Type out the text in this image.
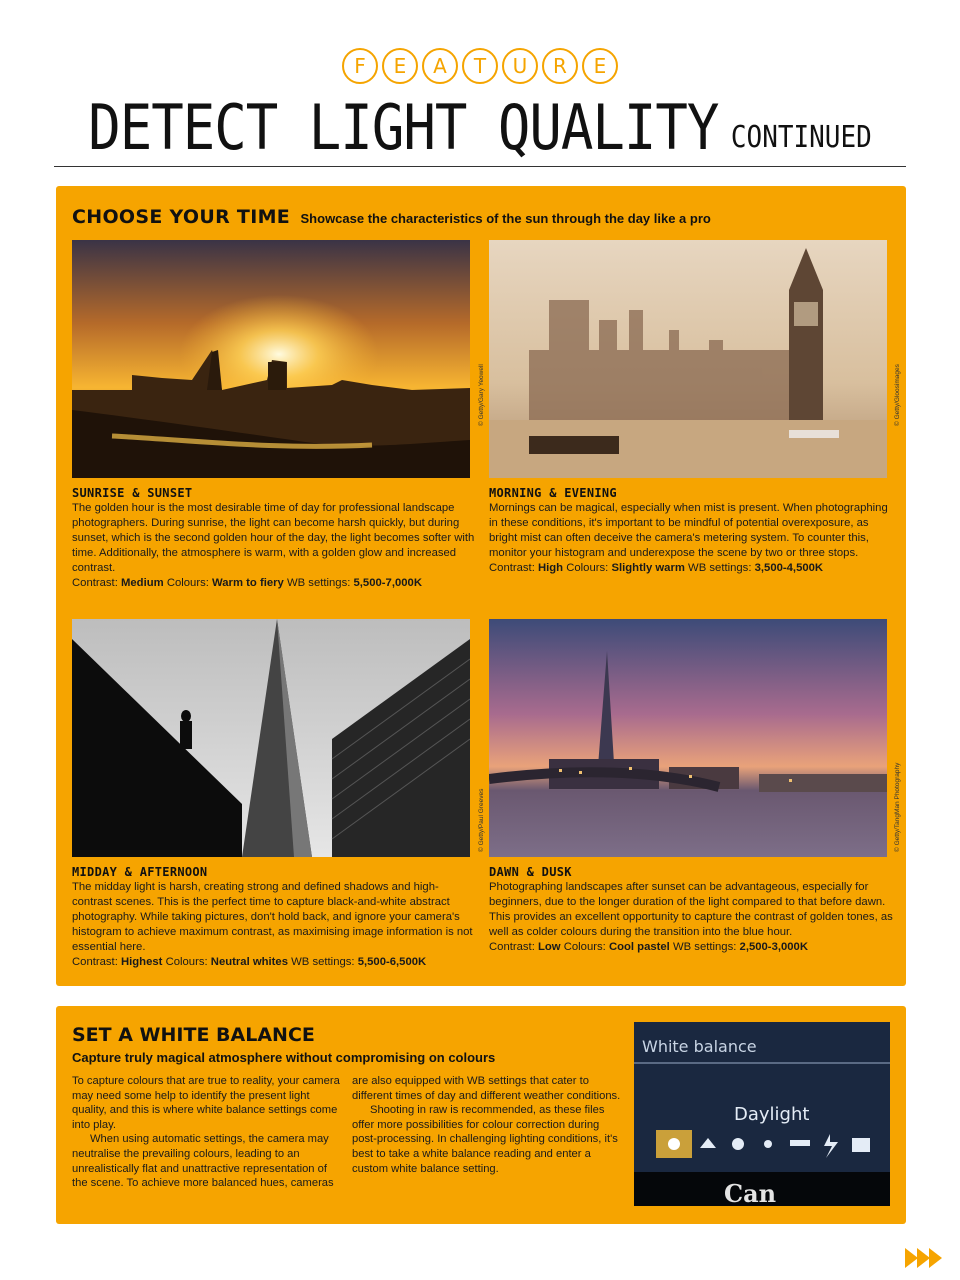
F	E	A	T	U	R	E
DETECT LIGHT QUALITY CONTINUED
CHOOSE YOUR TIME Showcase the characteristics of the sun through the day like a pro
© Getty/Gary Yeowell	© Getty/Gloosimages
SUNRISE & SUNSET

The golden hour is the most desirable time of day for professional landscape photographers. During sunrise, the light can become harsh quickly, but during sunset, which is the second golden hour of the day, the light becomes softer with time. Additionally, the atmosphere is warm, with a golden glow and increased contrast.

Contrast: Medium Colours: Warm to fiery WB settings: 5,500-7,000K

MORNING & EVENING

Mornings can be magical, especially when mist is present. When photographing in these conditions, it's important to be mindful of potential overexposure, as bright mist can often deceive the camera's metering system. To counter this, monitor your histogram and underexpose the scene by two or three stops.

Contrast: High Colours: Slightly warm WB settings: 3,500-4,500K

© Getty/Paul Greeves	© Getty/TangMan Photography
MIDDAY & AFTERNOON

The midday light is harsh, creating strong and defined shadows and high-contrast scenes. This is the perfect time to capture black-and-white abstract photography. While taking pictures, don't hold back, and ignore your camera's histogram to achieve maximum contrast, as maximising image information is not essential here.

Contrast: Highest Colours: Neutral whites WB settings: 5,500-6,500K

DAWN & DUSK

Photographing landscapes after sunset can be advantageous, especially for beginners, due to the longer duration of the light compared to that before dawn. This provides an excellent opportunity to capture the contrast of golden tones, as well as colder colours during the transition into the blue hour.

Contrast: Low Colours: Cool pastel WB settings: 2,500-3,000K

SET A WHITE BALANCE
Capture truly magical atmosphere without compromising on colours

To capture colours that are true to reality, your camera may need some help to identify the present light quality, and this is where white balance settings come into play.

When using automatic settings, the camera may neutralise the prevailing colours, leading to an unrealistically flat and unattractive representation of the scene. To achieve more balanced hues, cameras

are also equipped with WB settings that cater to different times of day and different weather conditions.

Shooting in raw is recommended, as these files offer more possibilities for colour correction during post-processing. In challenging lighting conditions, it's best to take a white balance reading and enter a custom white balance setting.

White balance
Daylight
Can
